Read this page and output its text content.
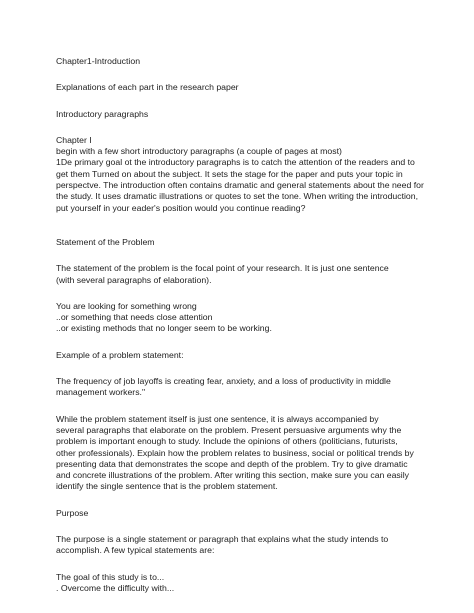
Chapter1-Introduction

Explanations of each part in the research paper

Introductory paragraphs

Chapter I

begin with a few short introductory paragraphs (a couple of pages at most)
1De primary goal ot the introductory paragraphs is to catch the attention of the readers and to
get them Turned on about the subject. It sets the stage for the paper and puts your topic in
perspectve. The introduction often contains dramatic and general statements about the need for
the study. It uses dramatic illustrations or quotes to set the tone. When writing the introduction,
put yourself in your eader's position would you continue reading?

Statement of the Problem

The statement of the problem is the focal point of your research. It is just one sentence
(with several paragraphs of elaboration).
You are looking for something wrong
..or something that needs close attention
..or existing methods that no longer seem to be working.

Example of a problem statement:

The frequency of job layoffs is creating fear, anxiety, and a loss of productivity in middle
management workers."
While the problem statement itself is just one sentence, it is always accompanied by
several paragraphs that elaborate on the problem. Present persuasive arguments why the
problem is important enough to study. Include the opinions of others (politicians, futurists,
other professionals). Explain how the problem relates to business, social or political trends by
presenting data that demonstrates the scope and depth of the problem. Try to give dramatic
and concrete illustrations of the problem. After writing this section, make sure you can easily
identify the single sentence that is the problem statement.

Purpose

The purpose is a single statement or paragraph that explains what the study intends to
accomplish. A few typical statements are:
The goal of this study is to...
. Overcome the difficulty with...
